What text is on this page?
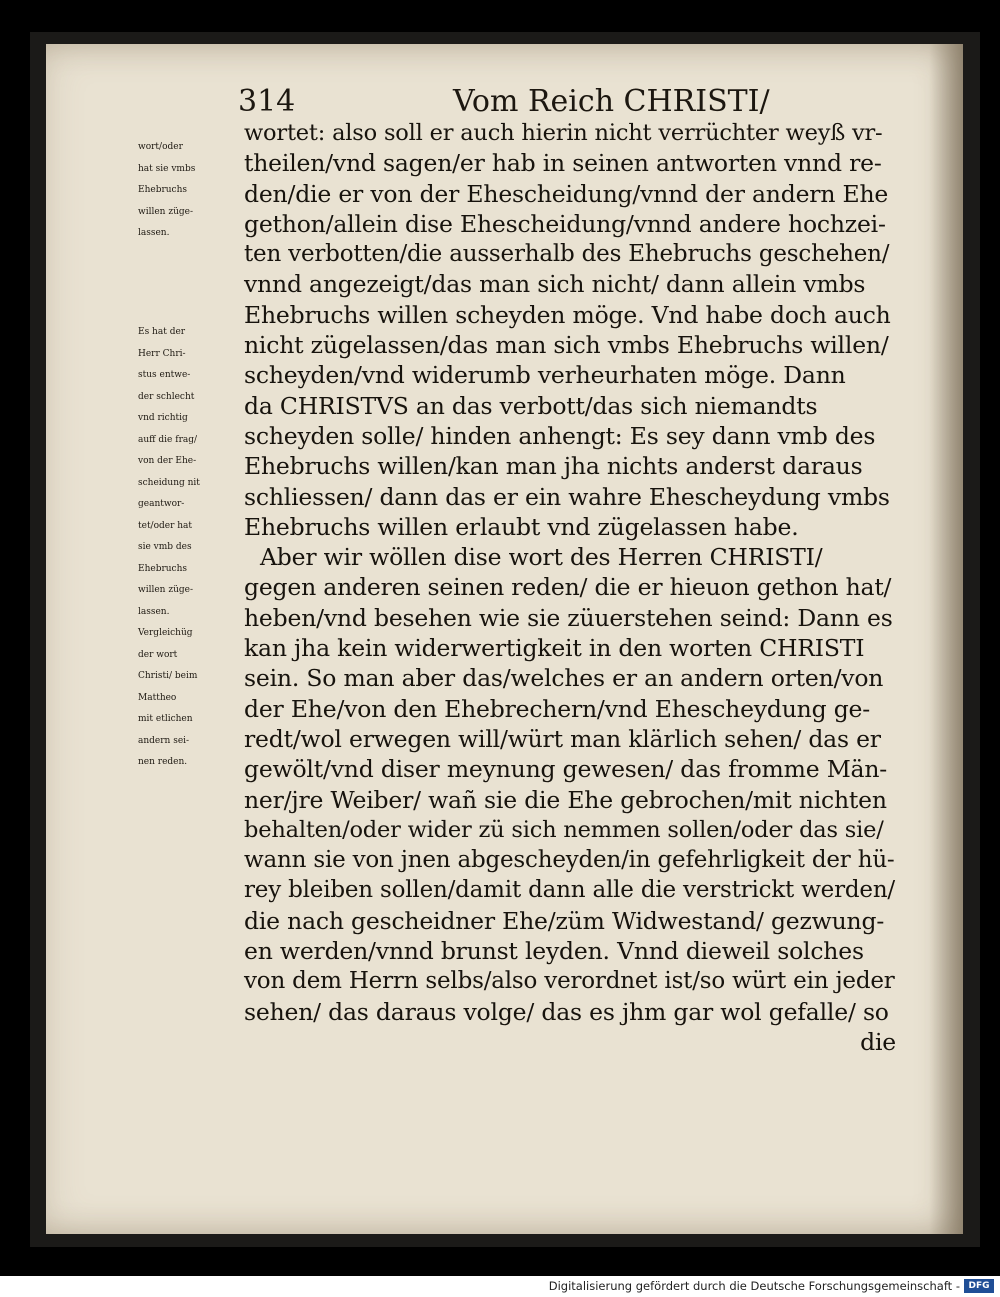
314	Vom Reich CHRISTI/
wort/oder
hat sie vmbs
Ehebruchs
willen züge-
lassen.
Es hat der
Herr Chri-
stus entwe-
der schlecht
vnd richtig
auff die frag/
von der Ehe-
scheidung nit
geantwor-
tet/oder hat
sie vmb des
Ehebruchs
willen züge-
lassen.
Vergleichüg
der wort
Christi/ beim
Mattheo
mit etlichen
andern sei-
nen reden.
wortet: also soll er auch hierin nicht verrüchter weyß vr-
theilen/vnd sagen/er hab in seinen antworten vnnd re-
den/die er von der Ehescheidung/vnnd der andern Ehe
gethon/allein dise Ehescheidung/vnnd andere hochzei-
ten verbotten/die ausserhalb des Ehebruchs geschehen/
vnnd angezeigt/das man sich nicht/ dann allein vmbs
Ehebruchs willen scheyden möge. Vnd habe doch auch
nicht zügelassen/das man sich vmbs Ehebruchs willen/
scheyden/vnd widerumb verheurhaten möge. Dann
da CHRISTVS an das verbott/das sich niemandts
scheyden solle/ hinden anhengt: Es sey dann vmb des
Ehebruchs willen/kan man jha nichts anderst daraus
schliessen/ dann das er ein wahre Ehescheydung vmbs
Ehebruchs willen erlaubt vnd zügelassen habe.
Aber wir wöllen dise wort des Herren CHRISTI/
gegen anderen seinen reden/ die er hieuon gethon hat/
heben/vnd besehen wie sie züuerstehen seind: Dann es
kan jha kein widerwertigkeit in den worten CHRISTI
sein. So man aber das/welches er an andern orten/von
der Ehe/von den Ehebrechern/vnd Ehescheydung ge-
redt/wol erwegen will/würt man klärlich sehen/ das er
gewölt/vnd diser meynung gewesen/ das fromme Män-
ner/jre Weiber/ wañ sie die Ehe gebrochen/mit nichten
behalten/oder wider zü sich nemmen sollen/oder das sie/
wann sie von jnen abgescheyden/in gefehrligkeit der hü-
rey bleiben sollen/damit dann alle die verstrickt werden/
die nach gescheidner Ehe/züm Widwestand/ gezwung-
en werden/vnnd brunst leyden. Vnnd dieweil solches
von dem Herrn selbs/also verordnet ist/so würt ein jeder
sehen/ das daraus volge/ das es jhm gar wol gefalle/ so
die
Digitalisierung gefördert durch die Deutsche Forschungsgemeinschaft - DFG
